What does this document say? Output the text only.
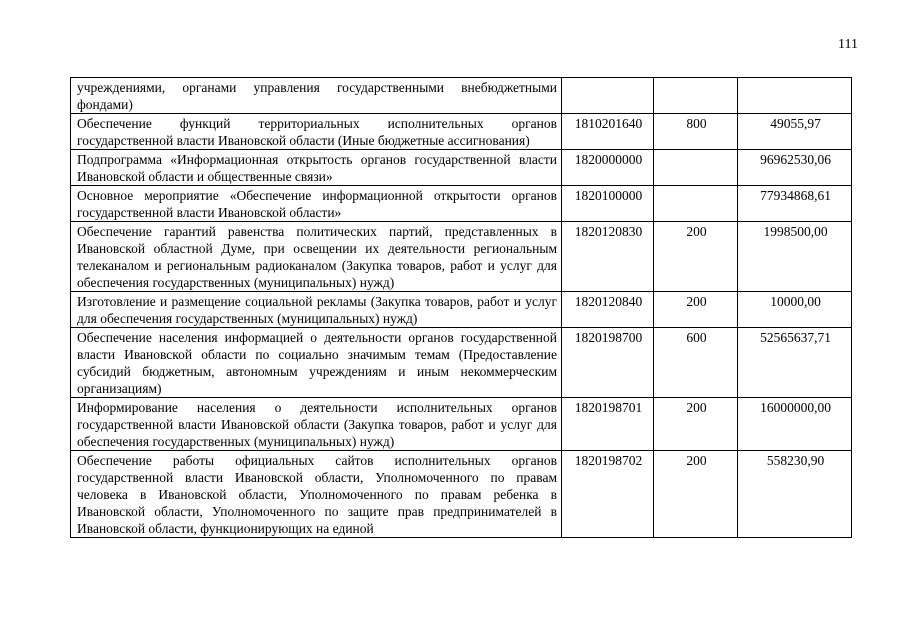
111
учреждениями, органами управления государственными внебюджетными фондами)			
Обеспечение функций территориальных исполнительных органов государственной власти Ивановской области (Иные бюджетные ассигнования)	1810201640	800	49055,97
Подпрограмма «Информационная открытость органов государственной власти Ивановской области и общественные связи»	1820000000		96962530,06
Основное мероприятие «Обеспечение информационной открытости органов государственной власти Ивановской области»	1820100000		77934868,61
Обеспечение гарантий равенства политических партий, представленных в Ивановской областной Думе, при освещении их деятельности региональным телеканалом и региональным радиоканалом (Закупка товаров, работ и услуг для обеспечения государственных (муниципальных) нужд)	1820120830	200	1998500,00
Изготовление и размещение социальной рекламы (Закупка товаров, работ и услуг для обеспечения государственных (муниципальных) нужд)	1820120840	200	10000,00
Обеспечение населения информацией о деятельности органов государственной власти Ивановской области по социально значимым темам (Предоставление субсидий бюджетным, автономным учреждениям и иным некоммерческим организациям)	1820198700	600	52565637,71
Информирование населения о деятельности исполнительных органов государственной власти Ивановской области (Закупка товаров, работ и услуг для обеспечения государственных (муниципальных) нужд)	1820198701	200	16000000,00
Обеспечение работы официальных сайтов исполнительных органов государственной власти Ивановской области, Уполномоченного по правам человека в Ивановской области, Уполномоченного по правам ребенка в Ивановской области, Уполномоченного по защите прав предпринимателей в Ивановской области, функционирующих на единой	1820198702	200	558230,90
